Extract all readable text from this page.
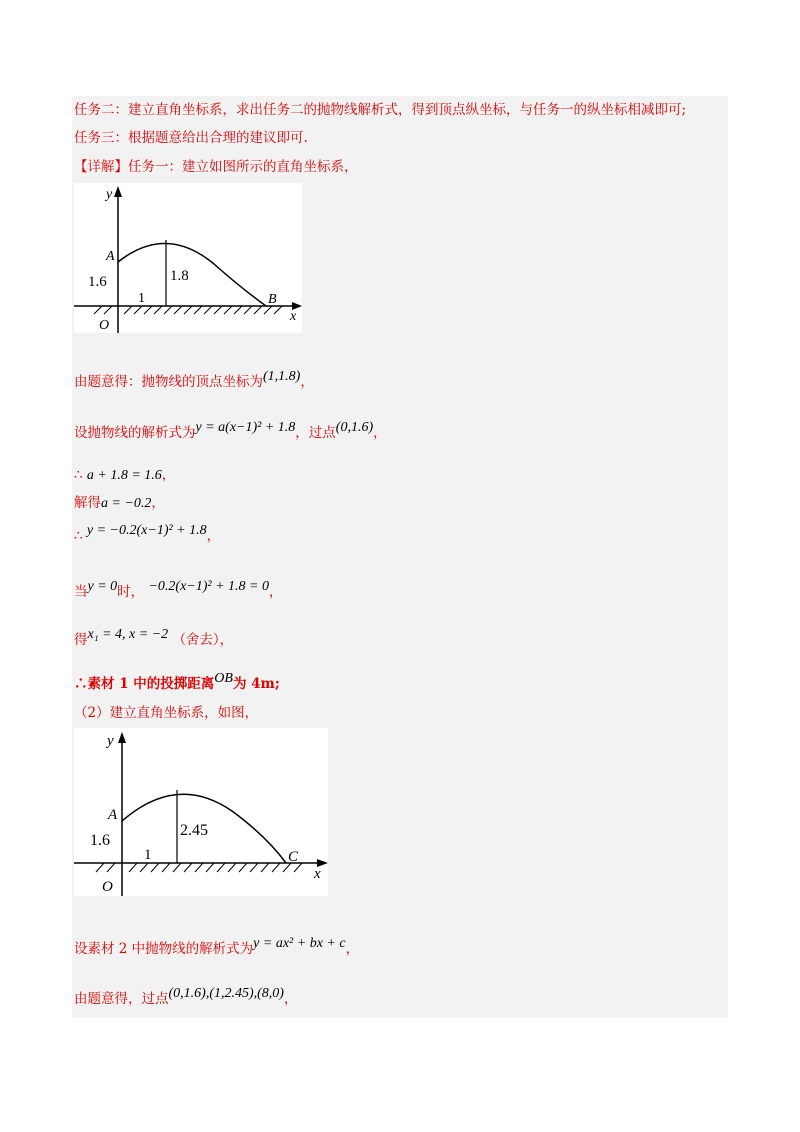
任务二：建立直角坐标系，求出任务二的抛物线解析式，得到顶点纵坐标，与任务一的纵坐标相减即可;
任务三：根据题意给出合理的建议即可.
【详解】任务一：建立如图所示的直角坐标系，
y
x
O
A
B
1.6	1.8
1
由题意得：抛物线的顶点坐标为(1,1.8)，
设抛物线的解析式为y = a(x−1)² + 1.8，过点(0,1.6)，
∴ a + 1.8 = 1.6，
解得a = −0.2，
∴ y = −0.2(x−1)² + 1.8，
当y = 0时， −0.2(x−1)² + 1.8 = 0，
得x₁ = 4, x = −2 （舍去），
∴素材 1 中的投掷距离OB为 4m;
（2）建立直角坐标系，如图，
y
x
O
A
C
1.6
2.45
1
设素材 2 中抛物线的解析式为y = ax² + bx + c，
由题意得，过点(0,1.6),(1,2.45),(8,0)，
